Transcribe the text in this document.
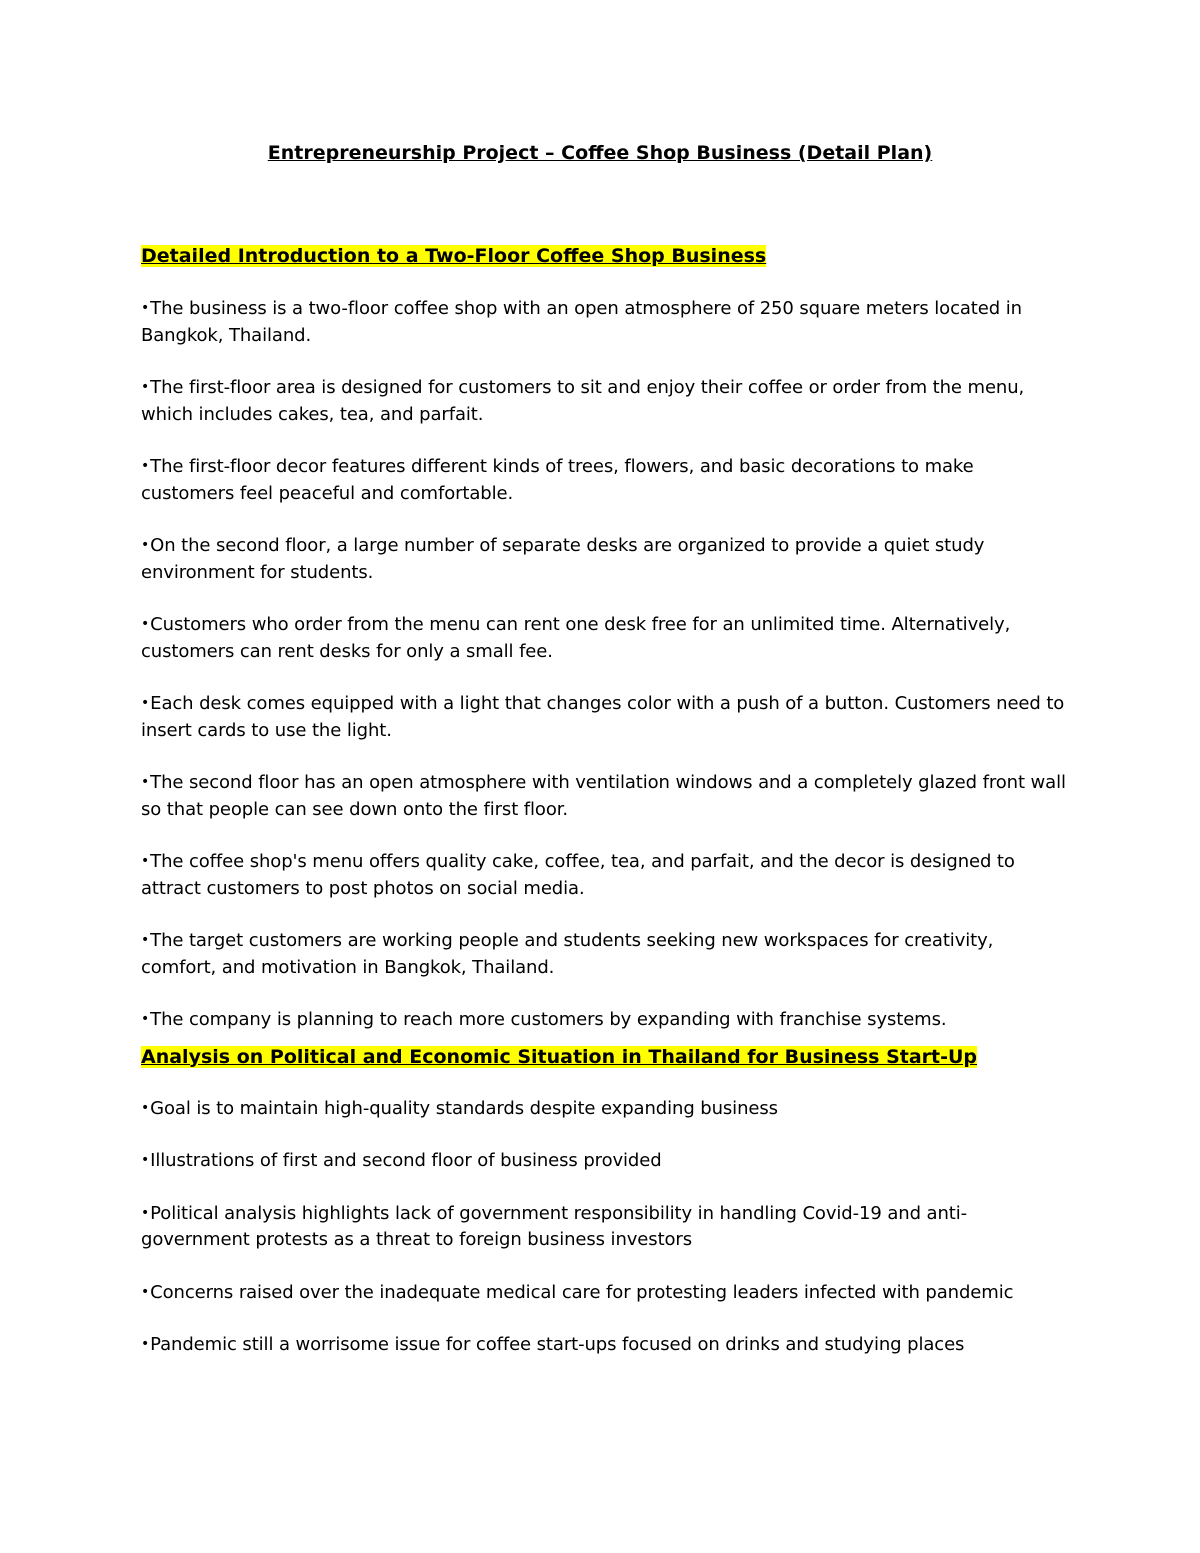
Entrepreneurship Project – Coffee Shop Business (Detail Plan)
Detailed Introduction to a Two-Floor Coffee Shop Business

•The business is a two-floor coffee shop with an open atmosphere of 250 square meters located in Bangkok, Thailand.

•The first-floor area is designed for customers to sit and enjoy their coffee or order from the menu, which includes cakes, tea, and parfait.

•The first-floor decor features different kinds of trees, flowers, and basic decorations to make customers feel peaceful and comfortable.

•On the second floor, a large number of separate desks are organized to provide a quiet study environment for students.

•Customers who order from the menu can rent one desk free for an unlimited time. Alternatively, customers can rent desks for only a small fee.

•Each desk comes equipped with a light that changes color with a push of a button. Customers need to insert cards to use the light.

•The second floor has an open atmosphere with ventilation windows and a completely glazed front wall so that people can see down onto the first floor.

•The coffee shop's menu offers quality cake, coffee, tea, and parfait, and the decor is designed to attract customers to post photos on social media.

•The target customers are working people and students seeking new workspaces for creativity, comfort, and motivation in Bangkok, Thailand.

•The company is planning to reach more customers by expanding with franchise systems.

Analysis on Political and Economic Situation in Thailand for Business Start-Up

•Goal is to maintain high-quality standards despite expanding business

•Illustrations of first and second floor of business provided

•Political analysis highlights lack of government responsibility in handling Covid-19 and anti-government protests as a threat to foreign business investors

•Concerns raised over the inadequate medical care for protesting leaders infected with pandemic

•Pandemic still a worrisome issue for coffee start-ups focused on drinks and studying places
